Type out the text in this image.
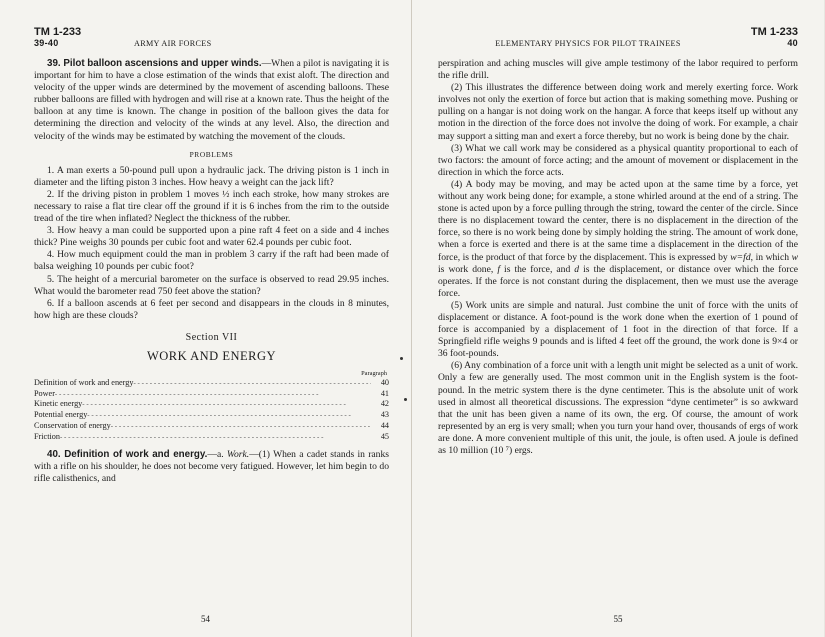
TM 1-233
39-40	ARMY AIR FORCES

39. Pilot balloon ascensions and upper winds.—When a pilot is navigating it is important for him to have a close estimation of the winds that exist aloft. The direction and velocity of the upper winds are determined by the movement of ascending balloons. These rubber balloons are filled with hydrogen and will rise at a known rate. Thus the height of the balloon at any time is known. The change in position of the balloon gives the data for determining the direction and velocity of the winds at any level. Also, the direction and velocity of the winds may be estimated by watching the movement of the clouds.

PROBLEMS

1. A man exerts a 50-pound pull upon a hydraulic jack. The driving piston is 1 inch in diameter and the lifting piston 3 inches. How heavy a weight can the jack lift?

2. If the driving piston in problem 1 moves ½ inch each stroke, how many strokes are necessary to raise a flat tire clear off the ground if it is 6 inches from the rim to the outside tread of the tire when inflated? Neglect the thickness of the rubber.

3. How heavy a man could be supported upon a pine raft 4 feet on a side and 4 inches thick? Pine weighs 30 pounds per cubic foot and water 62.4 pounds per cubic foot.

4. How much equipment could the man in problem 3 carry if the raft had been made of balsa weighing 10 pounds per cubic foot?

5. The height of a mercurial barometer on the surface is observed to read 29.95 inches. What would the barometer read 750 feet above the station?

6. If a balloon ascends at 6 feet per second and disappears in the clouds in 8 minutes, how high are these clouds?

Section VII
WORK AND ENERGY
Paragraph
Definition of work and energy - - -	40
Power - - -	41
Kinetic energy - - -	42
Potential energy - - -	43
Conservation of energy - - -	44
Friction - - -	45

40. Definition of work and energy.—a. Work.—(1) When a cadet stands in ranks with a rifle on his shoulder, he does not become very fatigued. However, let him begin to do rifle calisthenics, and

54
TM 1-233
ELEMENTARY PHYSICS FOR PILOT TRAINEES	40

perspiration and aching muscles will give ample testimony of the labor required to perform the rifle drill.

(2) This illustrates the difference between doing work and merely exerting force. Work involves not only the exertion of force but action that is making something move. Pushing or pulling on a hangar is not doing work on the hangar. A force that keeps itself up without any motion in the direction of the force does not involve the doing of work. For example, a chair may support a sitting man and exert a force thereby, but no work is being done by the chair.

(3) What we call work may be considered as a physical quantity proportional to each of two factors: the amount of force acting; and the amount of movement or displacement in the direction in which the force acts.

(4) A body may be moving, and may be acted upon at the same time by a force, yet without any work being done; for example, a stone whirled around at the end of a string. The stone is acted upon by a force pulling through the string, toward the center of the circle. Since there is no displacement toward the center, there is no displacement in the direction of the force, so there is no work being done by simply holding the string. The amount of work done, when a force is exerted and there is at the same time a displacement in the direction of the force, is the product of that force by the displacement. This is expressed by w=fd, in which w is work done, f is the force, and d is the displacement, or distance over which the force operates. If the force is not constant during the displacement, then we must use the average force.

(5) Work units are simple and natural. Just combine the unit of force with the units of displacement or distance. A foot-pound is the work done when the exertion of 1 pound of force is accompanied by a displacement of 1 foot in the direction of that force. If a Springfield rifle weighs 9 pounds and is lifted 4 feet off the ground, the work done is 9×4 or 36 foot-pounds.

(6) Any combination of a force unit with a length unit might be selected as a unit of work. Only a few are generally used. The most common unit in the English system is the foot-pound. In the metric system there is the dyne centimeter. This is the absolute unit of work used in almost all theoretical discussions. The expression “dyne centimeter” is so awkward that the unit has been given a name of its own, the erg. Of course, the amount of work represented by an erg is very small; when you turn your hand over, thousands of ergs of work are done. A more convenient multiple of this unit, the joule, is often used. A joule is defined as 10 million (10 ⁷) ergs.

55
